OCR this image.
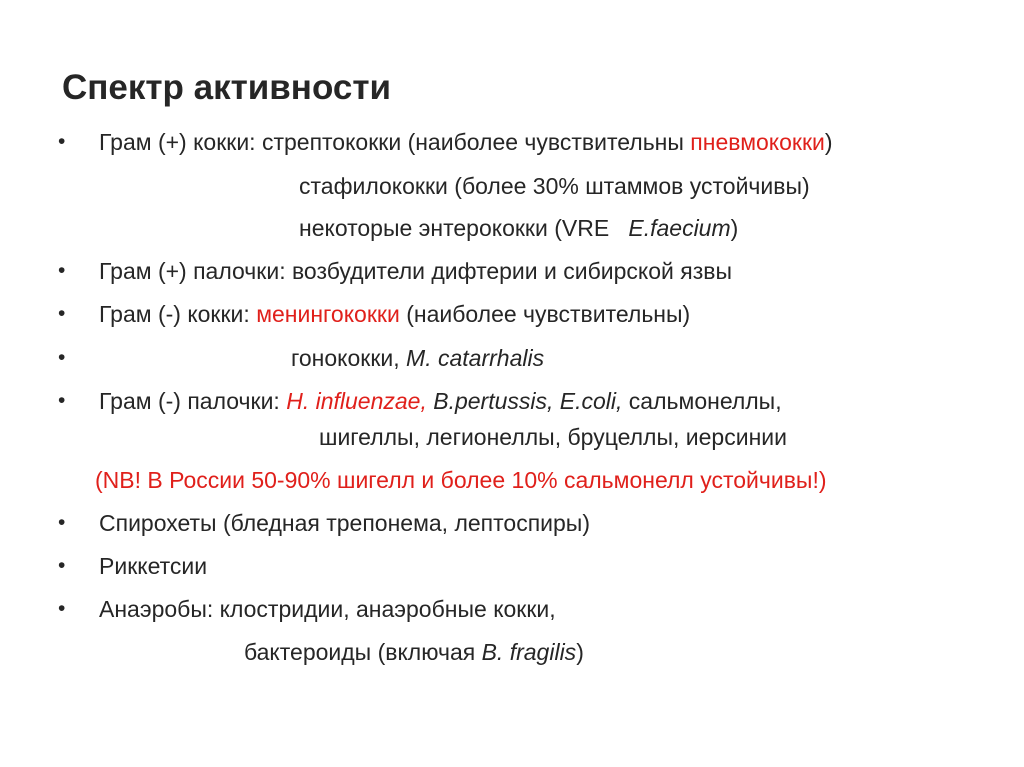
Спектр активности
• Грам (+) кокки: стрептококки (наиболее чувствительны пневмококки)
стафилококки (более 30% штаммов устойчивы)
некоторые энтерококки (VRE   E.faecium)
• Грам (+) палочки: возбудители дифтерии и сибирской язвы
• Грам (-) кокки: менингококки (наиболее чувствительны)
•	гонококки, M. catarrhalis
• Грам (-) палочки: H. influenzae, B.pertussis, E.coli, сальмонеллы,
шигеллы, легионеллы, бруцеллы, иерсинии
(NB! В России 50-90% шигелл и более 10% сальмонелл устойчивы!)
• Спирохеты (бледная трепонема, лептоспиры)
• Риккетсии
• Анаэробы: клостридии, анаэробные кокки,
бактероиды (включая B. fragilis)
